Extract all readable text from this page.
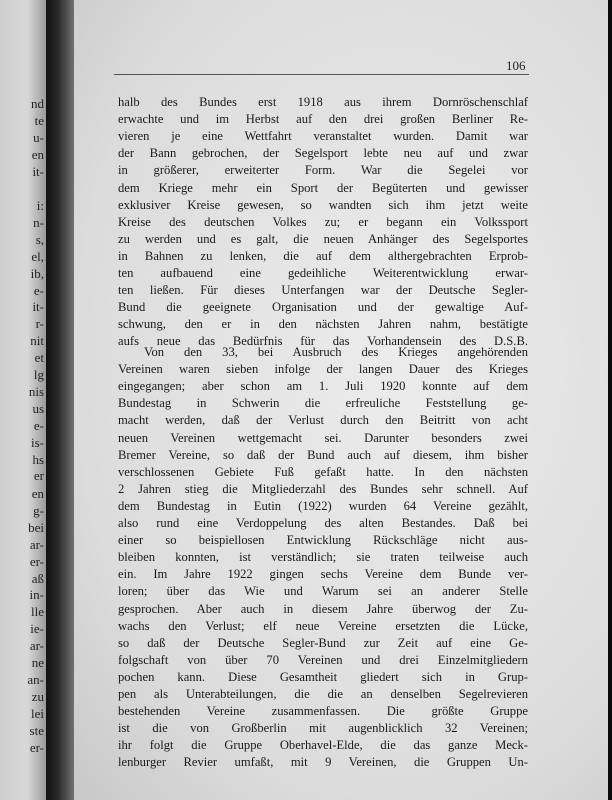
nd
te
u-
en
it-
i:
n-
s,
el,
ib,
e-
it-
r-
nit
et
lg
nis
us
e-
is-
hs
er
en
g-
bei
ar-
er-
aß
in-
lle
ie-
ar-
ne
an-
zu
lei
ste
er-
106
halb des Bundes erst 1918 aus ihrem Dornröschenschlaf
erwachte und im Herbst auf den drei großen Berliner Re-
vieren je eine Wettfahrt veranstaltet wurden. Damit war
der Bann gebrochen, der Segelsport lebte neu auf und zwar
in größerer, erweiterter Form. War die Segelei vor
dem Kriege mehr ein Sport der Begüterten und gewisser
exklusiver Kreise gewesen, so wandten sich ihm jetzt weite
Kreise des deutschen Volkes zu; er begann ein Volkssport
zu werden und es galt, die neuen Anhänger des Segelsportes
in Bahnen zu lenken, die auf dem althergebrachten Erprob-
ten aufbauend eine gedeihliche Weiterentwicklung erwar-
ten ließen. Für dieses Unterfangen war der Deutsche Segler-
Bund die geeignete Organisation und der gewaltige Auf-
schwung, den er in den nächsten Jahren nahm, bestätigte
aufs neue das Bedürfnis für das Vorhandensein des D.S.B.
Von den 33, bei Ausbruch des Krieges angehörenden
Vereinen waren sieben infolge der langen Dauer des Krieges
eingegangen; aber schon am 1. Juli 1920 konnte auf dem
Bundestag in Schwerin die erfreuliche Feststellung ge-
macht werden, daß der Verlust durch den Beitritt von acht
neuen Vereinen wettgemacht sei. Darunter besonders zwei
Bremer Vereine, so daß der Bund auch auf diesem, ihm bisher
verschlossenen Gebiete Fuß gefaßt hatte. In den nächsten
2 Jahren stieg die Mitgliederzahl des Bundes sehr schnell. Auf
dem Bundestag in Eutin (1922) wurden 64 Vereine gezählt,
also rund eine Verdoppelung des alten Bestandes. Daß bei
einer so beispiellosen Entwicklung Rückschläge nicht aus-
bleiben konnten, ist verständlich; sie traten teilweise auch
ein. Im Jahre 1922 gingen sechs Vereine dem Bunde ver-
loren; über das Wie und Warum sei an anderer Stelle
gesprochen. Aber auch in diesem Jahre überwog der Zu-
wachs den Verlust; elf neue Vereine ersetzten die Lücke,
so daß der Deutsche Segler-Bund zur Zeit auf eine Ge-
folgschaft von über 70 Vereinen und drei Einzelmitgliedern
pochen kann. Diese Gesamtheit gliedert sich in Grup-
pen als Unterabteilungen, die die an denselben Segelrevieren
bestehenden Vereine zusammenfassen. Die größte Gruppe
ist die von Großberlin mit augenblicklich 32 Vereinen;
ihr folgt die Gruppe Oberhavel-Elde, die das ganze Meck-
lenburger Revier umfaßt, mit 9 Vereinen, die Gruppen Un-
